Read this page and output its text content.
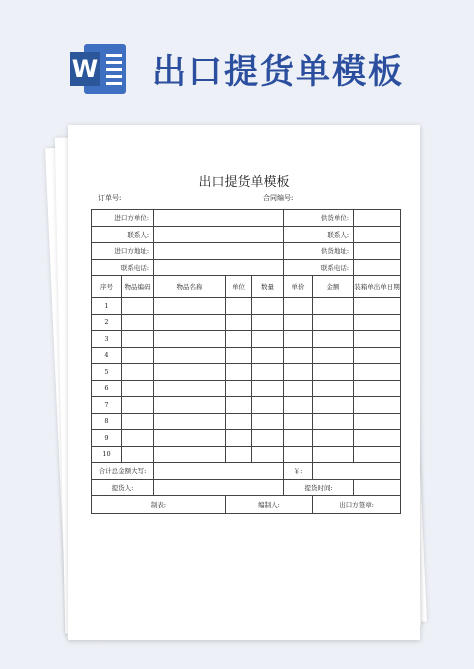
W 出口提货单模板
出口提货单模板
订单号:	合同编号:
进口方单位:					供货单位:		
联系人:					联系人:		
进口方地址:					供货地址:		
联系电话:					联系电话:		
序号	物品编码	物品名称	单位	数量	单价	金额	装箱单出单日期
1							
2							
3							
4							
5							
6							
7							
8							
9							
10							
合计总金额大写:					￥:		
提货人:					提货时间:		
制表:			编制人:			出口方签章:	
